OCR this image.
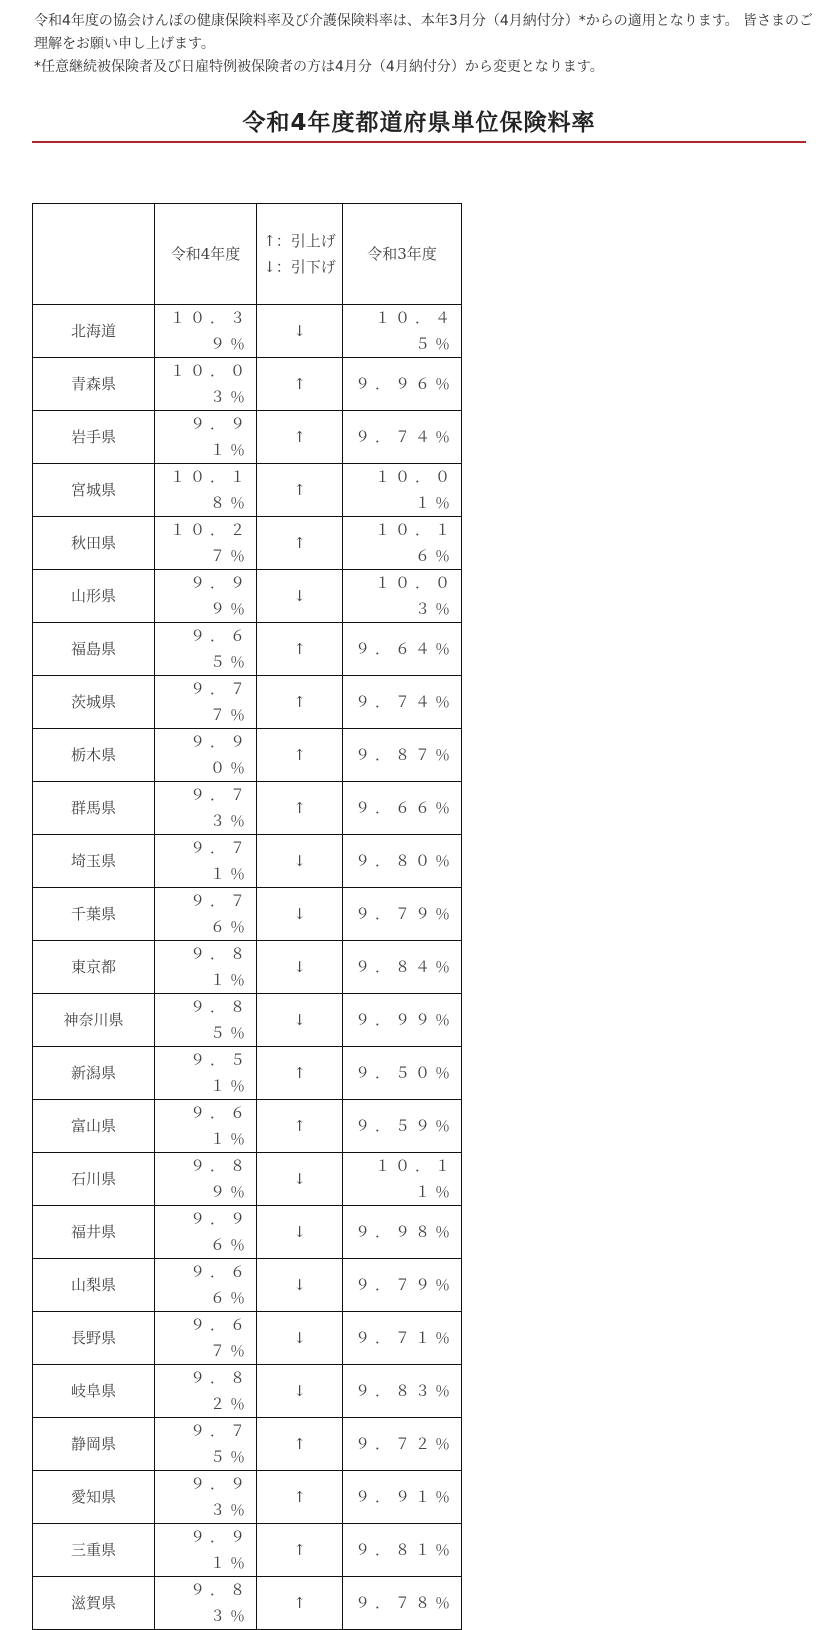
令和4年度の協会けんぽの健康保険料率及び介護保険料率は、本年3月分（4月納付分）*からの適用となります。 皆さまのご理解をお願い申し上げます。

*任意継続被保険者及び日雇特例被保険者の方は4月分（4月納付分）から変更となります。

令和4年度都道府県単位保険料率
	令和4年度	↑：引上げ ↓：引下げ	令和3年度
北海道	１０．３９％	↓	１０．４５％
青森県	１０．０３％	↑	９．９６％
岩手県	９．９１％	↑	９．７４％
宮城県	１０．１８％	↑	１０．０１％
秋田県	１０．２７％	↑	１０．１６％
山形県	９．９９％	↓	１０．０３％
福島県	９．６５％	↑	９．６４％
茨城県	９．７７％	↑	９．７４％
栃木県	９．９０％	↑	９．８７％
群馬県	９．７３％	↑	９．６６％
埼玉県	９．７１％	↓	９．８０％
千葉県	９．７６％	↓	９．７９％
東京都	９．８１％	↓	９．８４％
神奈川県	９．８５％	↓	９．９９％
新潟県	９．５１％	↑	９．５０％
富山県	９．６１％	↑	９．５９％
石川県	９．８９％	↓	１０．１１％
福井県	９．９６％	↓	９．９８％
山梨県	９．６６％	↓	９．７９％
長野県	９．６７％	↓	９．７１％
岐阜県	９．８２％	↓	９．８３％
静岡県	９．７５％	↑	９．７２％
愛知県	９．９３％	↑	９．９１％
三重県	９．９１％	↑	９．８１％
滋賀県	９．８３％	↑	９．７８％
